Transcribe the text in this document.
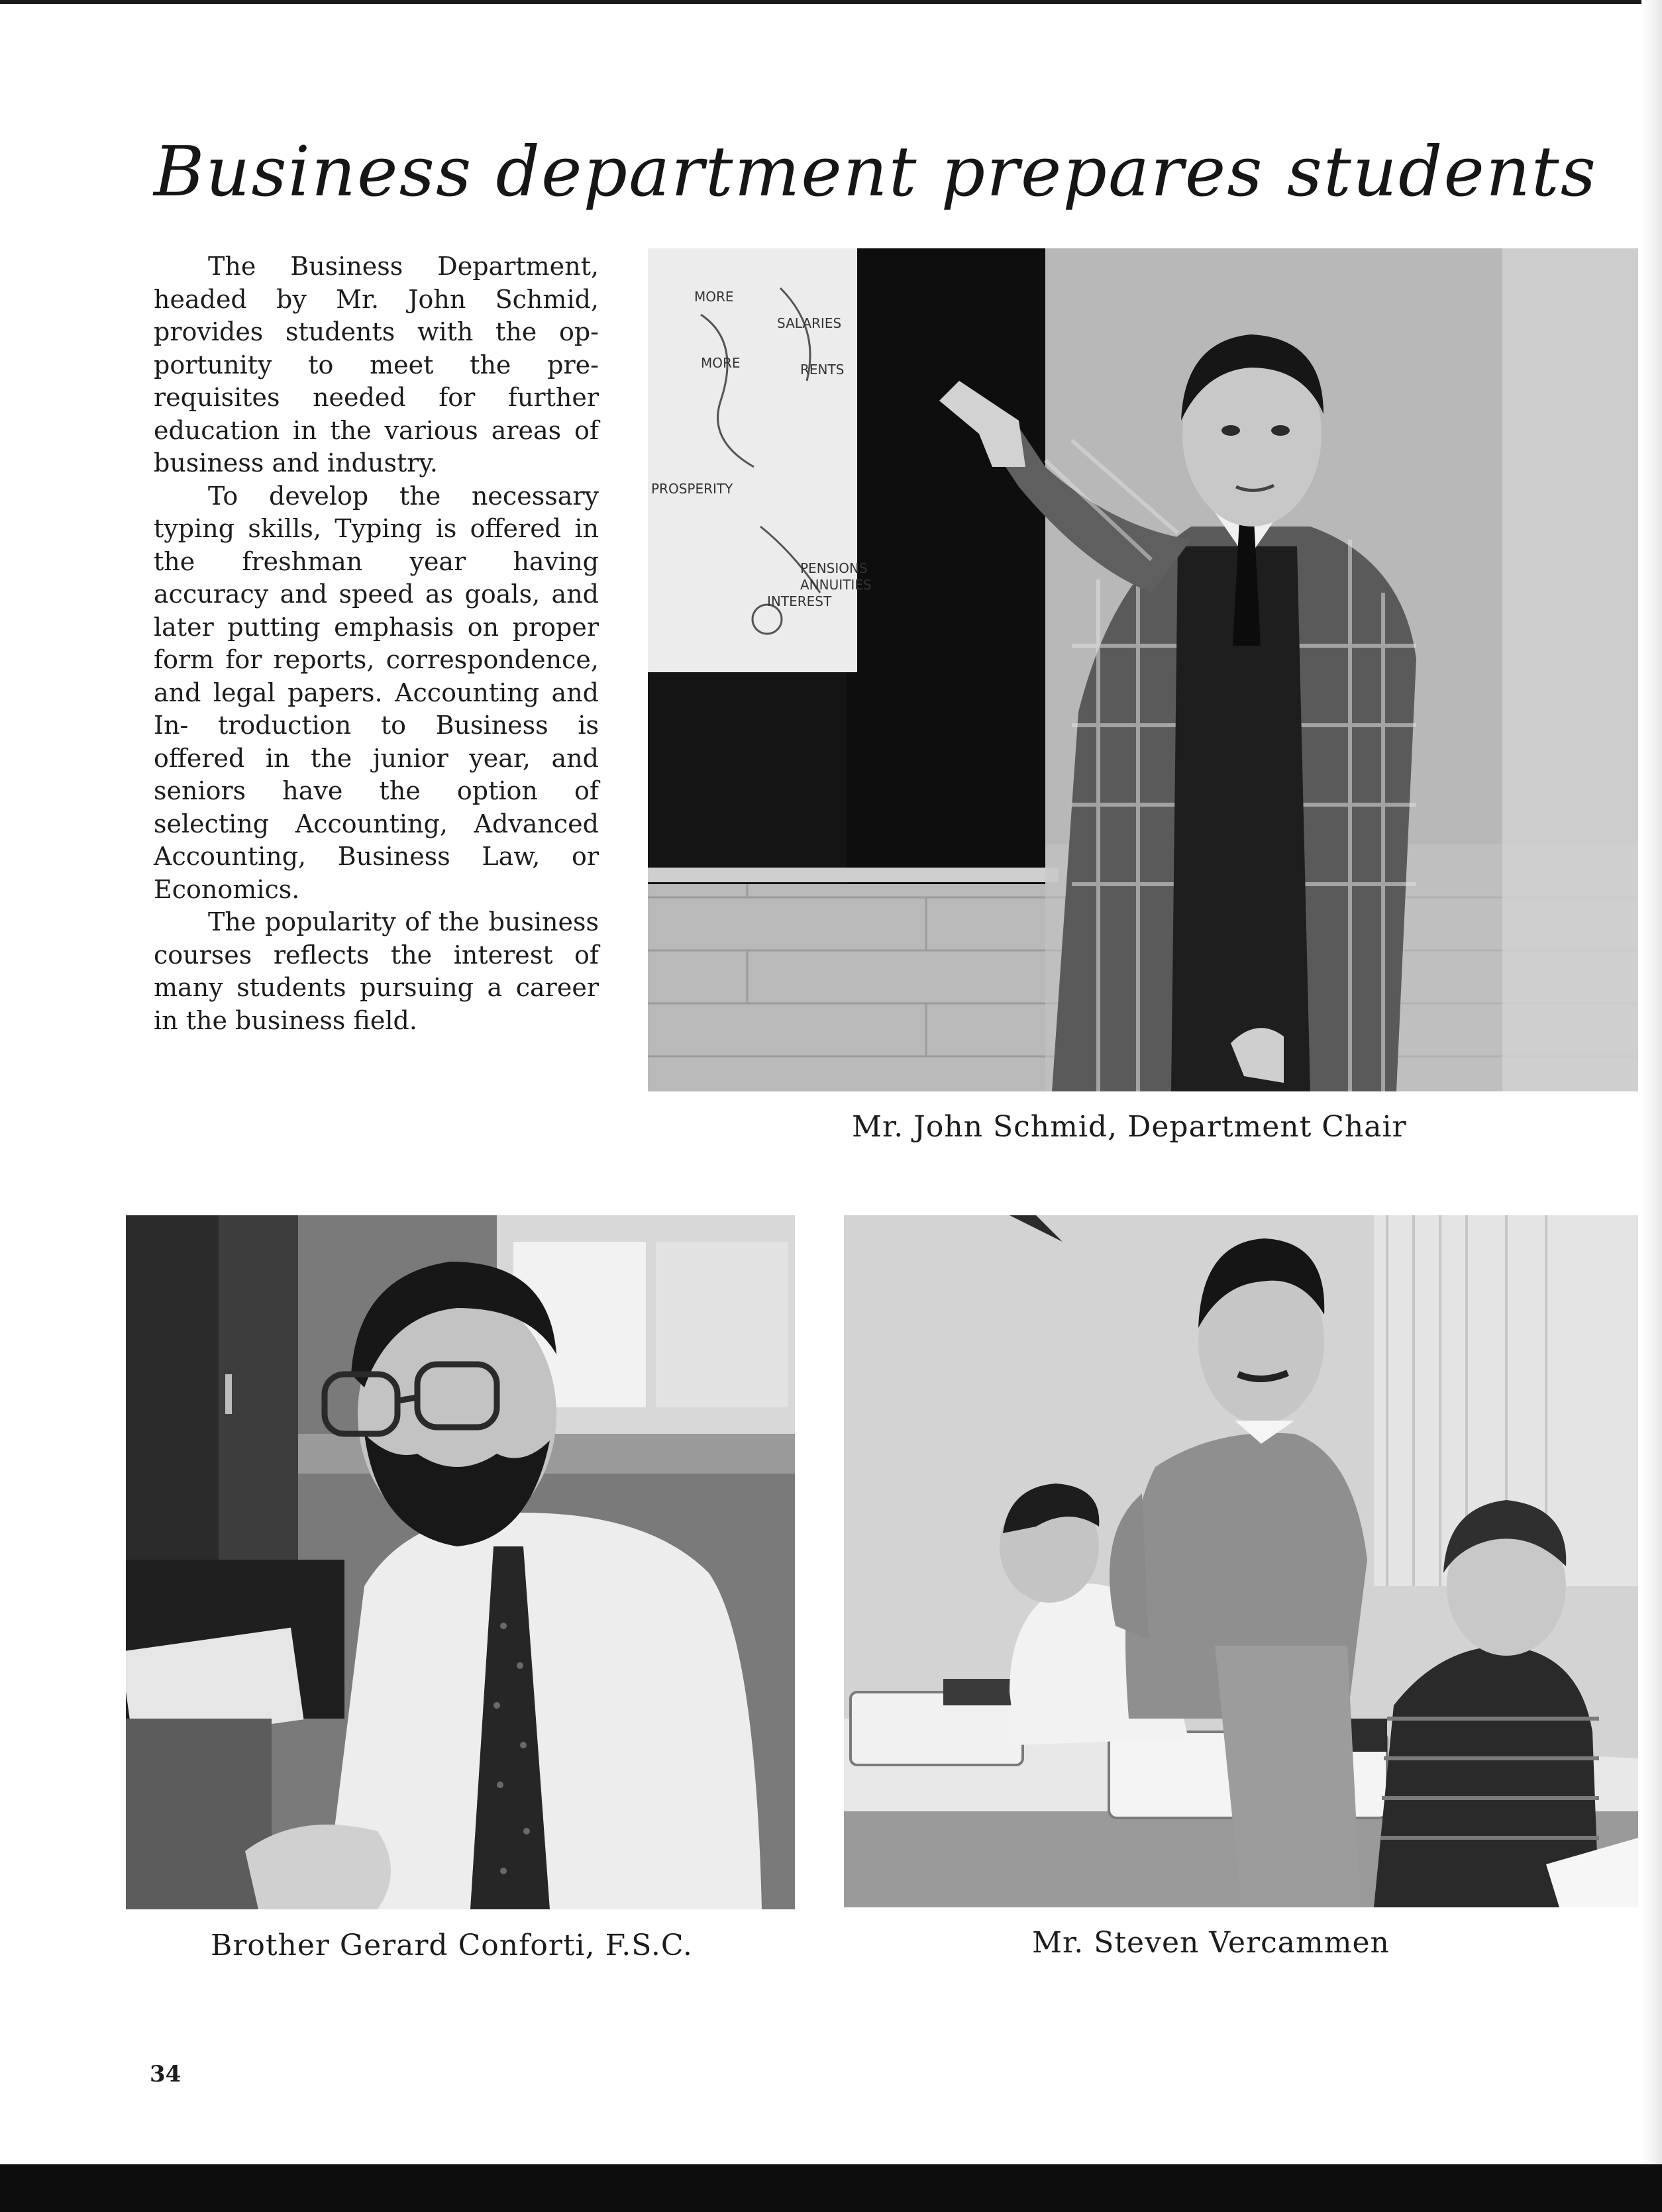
Business department prepares students

The Business Department, headed by Mr. John Schmid, provides students with the op- portunity to meet the pre-requisites needed for further education in the various areas of business and industry.

To develop the necessary typing skills, Typing is offered in the freshman year having accuracy and speed as goals, and later putting emphasis on proper form for reports, correspondence, and legal papers. Accounting and In- troduction to Business is offered in the junior year, and seniors have the option of selecting Accounting, Advanced Accounting, Business Law, or Economics.

The popularity of the business courses reflects the interest of many students pursuing a career in the business field.

MORE
SALARIES
MORE	RENTS
PROSPERITY
PENSIONS
ANNUITIES
INTEREST
Mr. John Schmid, Department Chair
Brother Gerard Conforti, F.S.C.	Mr. Steven Vercammen
34
